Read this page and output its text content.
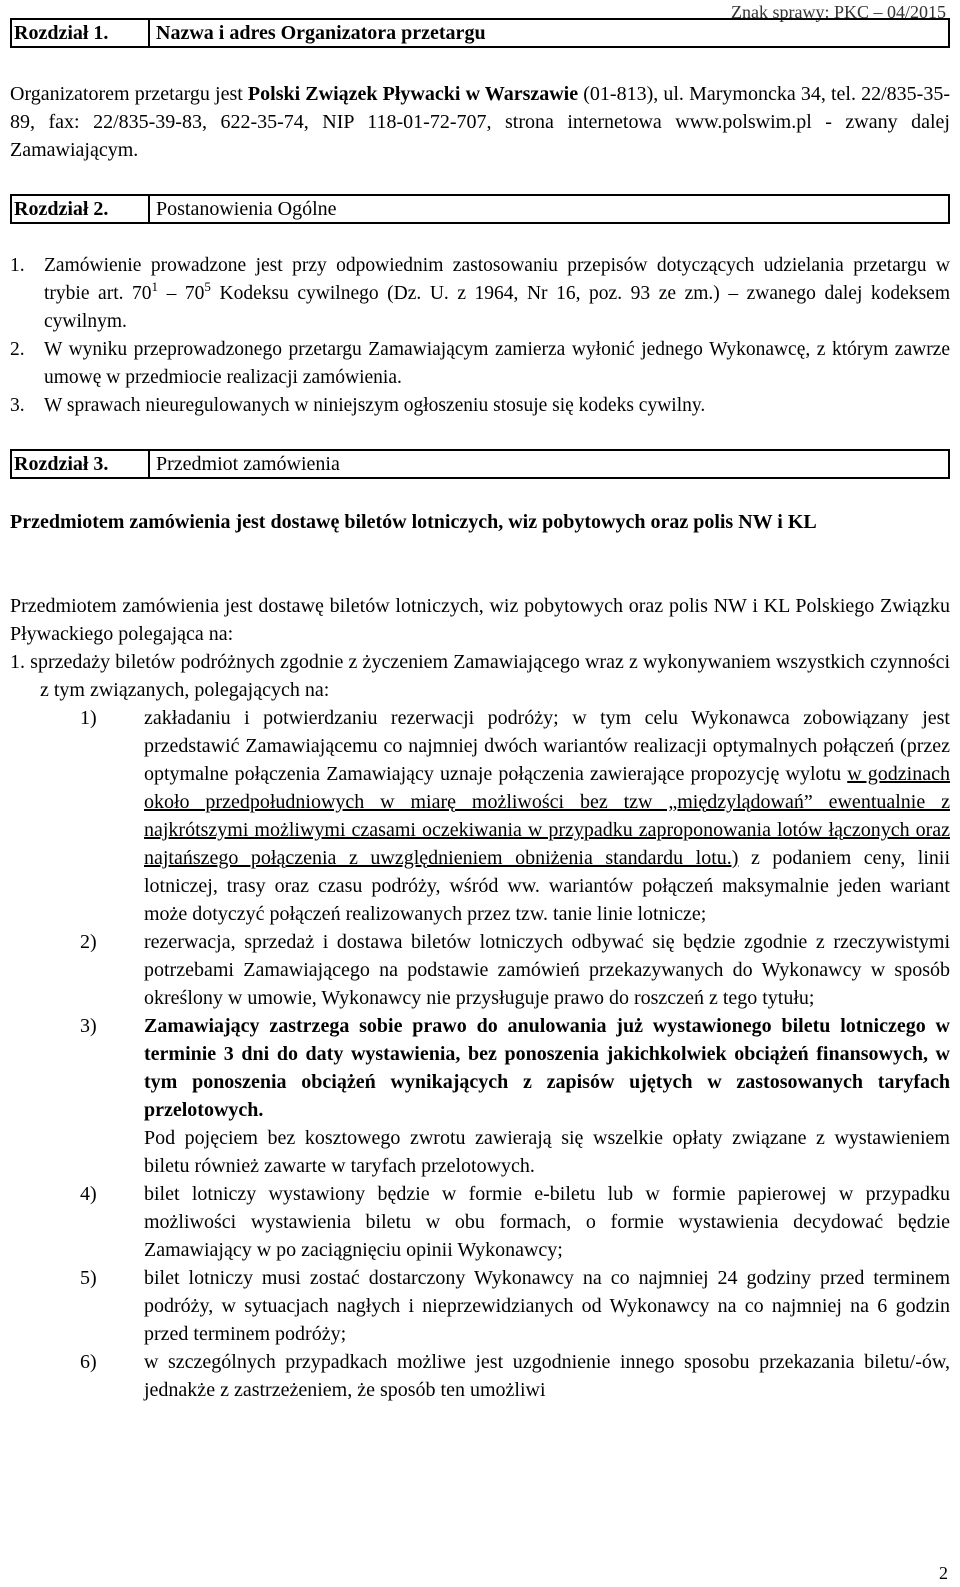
Znak sprawy: PKC – 04/2015
Rozdział 1.	Nazwa i adres Organizatora przetargu

Organizatorem przetargu jest Polski Związek Pływacki w Warszawie (01-813), ul. Marymoncka 34, tel. 22/835-35-89, fax: 22/835-39-83, 622-35-74, NIP 118-01-72-707, strona internetowa www.polswim.pl - zwany dalej Zamawiającym.

Rozdział 2.	Postanowienia Ogólne
1. Zamówienie prowadzone jest przy odpowiednim zastosowaniu przepisów dotyczących udzielania przetargu w trybie art. $70^1 - 70^5$ Kodeksu cywilnego (Dz. U. z 1964, Nr 16, poz. 93 ze zm.) – zwanego dalej kodeksem cywilnym.
2. W wyniku przeprowadzonego przetargu Zamawiającym zamierza wyłonić jednego Wykonawcę, z którym zawrze umowę w przedmiocie realizacji zamówienia.
3. W sprawach nieuregulowanych w niniejszym ogłoszeniu stosuje się kodeks cywilny.
Rozdział 3.	Przedmiot zamówienia

Przedmiotem zamówienia jest dostawę biletów lotniczych, wiz pobytowych oraz polis NW i KL

Przedmiotem zamówienia jest dostawę biletów lotniczych, wiz pobytowych oraz polis NW i KL Polskiego Związku Pływackiego polegająca na:

1. sprzedaży biletów podróżnych zgodnie z życzeniem Zamawiającego wraz z wykonywaniem wszystkich czynności z tym związanych, polegających na:
1) zakładaniu i potwierdzaniu rezerwacji podróży; w tym celu Wykonawca zobowiązany jest przedstawić Zamawiającemu co najmniej dwóch wariantów realizacji optymalnych połączeń (przez optymalne połączenia Zamawiający uznaje połączenia zawierające propozycję wylotu w godzinach około przedpołudniowych w miarę możliwości bez tzw „międzylądowań” ewentualnie z najkrótszymi możliwymi czasami oczekiwania w przypadku zaproponowania lotów łączonych oraz najtańszego połączenia z uwzględnieniem obniżenia standardu lotu.) z podaniem ceny, linii lotniczej, trasy oraz czasu podróży, wśród ww. wariantów połączeń maksymalnie jeden wariant może dotyczyć połączeń realizowanych przez tzw. tanie linie lotnicze;
2) rezerwacja, sprzedaż i dostawa biletów lotniczych odbywać się będzie zgodnie z rzeczywistymi potrzebami Zamawiającego na podstawie zamówień przekazywanych do Wykonawcy w sposób określony w umowie, Wykonawcy nie przysługuje prawo do roszczeń z tego tytułu;
3) Zamawiający zastrzega sobie prawo do anulowania już wystawionego biletu lotniczego w terminie 3 dni do daty wystawienia, bez ponoszenia jakichkolwiek obciążeń finansowych, w tym ponoszenia obciążeń wynikających z zapisów ujętych w zastosowanych taryfach przelotowych.
Pod pojęciem bez kosztowego zwrotu zawierają się wszelkie opłaty związane z wystawieniem biletu również zawarte w taryfach przelotowych.
4) bilet lotniczy wystawiony będzie w formie e-biletu lub w formie papierowej w przypadku możliwości wystawienia biletu w obu formach, o formie wystawienia decydować będzie Zamawiający w po zaciągnięciu opinii Wykonawcy;
5) bilet lotniczy musi zostać dostarczony Wykonawcy na co najmniej 24 godziny przed terminem podróży, w sytuacjach nagłych i nieprzewidzianych od Wykonawcy na co najmniej na 6 godzin przed terminem podróży;
6) w szczególnych przypadkach możliwe jest uzgodnienie innego sposobu przekazania biletu/-ów, jednakże z zastrzeżeniem, że sposób ten umożliwi
2
